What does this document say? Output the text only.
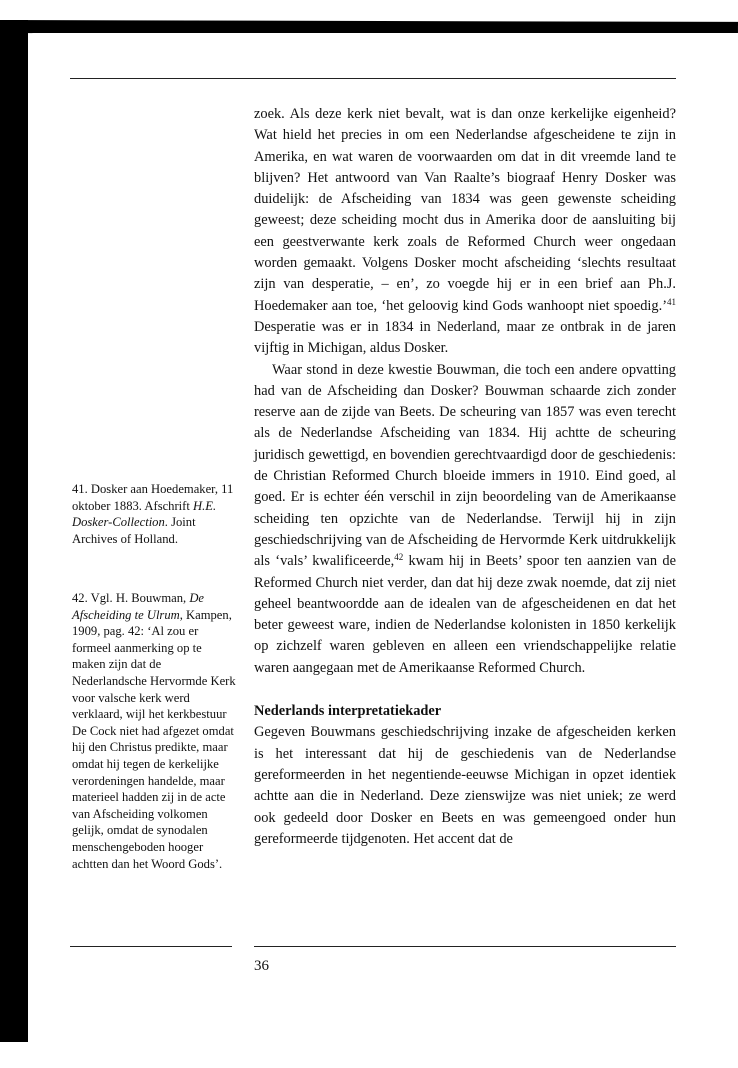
41. Dosker aan Hoedemaker, 11 oktober 1883. Afschrift H.E. Dosker-Collection. Joint Archives of Holland.

42. Vgl. H. Bouwman, De Afscheiding te Ulrum, Kampen, 1909, pag. 42: ‘Al zou er formeel aanmerking op te maken zijn dat de Nederlandsche Hervormde Kerk voor valsche kerk werd verklaard, wijl het kerkbestuur De Cock niet had afgezet omdat hij den Christus predikte, maar omdat hij tegen de kerkelijke verordeningen handelde, maar materieel hadden zij in de acte van Afscheiding volkomen gelijk, omdat de synodalen menschengeboden hooger achtten dan het Woord Gods’.

zoek. Als deze kerk niet bevalt, wat is dan onze kerkelijke eigenheid? Wat hield het precies in om een Nederlandse afgescheidene te zijn in Amerika, en wat waren de voorwaarden om dat in dit vreemde land te blijven? Het antwoord van Van Raalte’s biograaf Henry Dosker was duidelijk: de Afscheiding van 1834 was geen gewenste scheiding geweest; deze scheiding mocht dus in Amerika door de aansluiting bij een geestverwante kerk zoals de Reformed Church weer ongedaan worden gemaakt. Volgens Dosker mocht afscheiding ‘slechts resultaat zijn van desperatie, – en’, zo voegde hij er in een brief aan Ph.J. Hoedemaker aan toe, ‘het geloovig kind Gods wanhoopt niet spoedig.’$^{41}$ Desperatie was er in 1834 in Nederland, maar ze ontbrak in de jaren vijftig in Michigan, aldus Dosker.

Waar stond in deze kwestie Bouwman, die toch een andere opvatting had van de Afscheiding dan Dosker? Bouwman schaarde zich zonder reserve aan de zijde van Beets. De scheuring van 1857 was even terecht als de Nederlandse Afscheiding van 1834. Hij achtte de scheuring juridisch gewettigd, en bovendien gerechtvaardigd door de geschiedenis: de Christian Reformed Church bloeide immers in 1910. Eind goed, al goed. Er is echter één verschil in zijn beoordeling van de Amerikaanse scheiding ten opzichte van de Nederlandse. Terwijl hij in zijn geschiedschrijving van de Afscheiding de Hervormde Kerk uitdrukkelijk als ‘vals’ kwalificeerde,$^{42}$ kwam hij in Beets’ spoor ten aanzien van de Reformed Church niet verder, dan dat hij deze zwak noemde, dat zij niet geheel beantwoordde aan de idealen van de afgescheidenen en dat het beter geweest ware, indien de Nederlandse kolonisten in 1850 kerkelijk op zichzelf waren gebleven en alleen een vriendschappelijke relatie waren aangegaan met de Amerikaanse Reformed Church.

Nederlands interpretatiekader

Gegeven Bouwmans geschiedschrijving inzake de afgescheiden kerken is het interessant dat hij de geschiedenis van de Nederlandse gereformeerden in het negentiende-eeuwse Michigan in opzet identiek achtte aan die in Nederland. Deze zienswijze was niet uniek; ze werd ook gedeeld door Dosker en Beets en was gemeengoed onder hun gereformeerde tijdgenoten. Het accent dat de

36
